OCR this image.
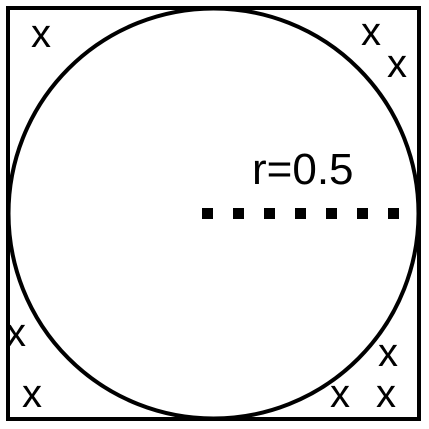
r=0.5
x	x
x
x
x
x
x x
